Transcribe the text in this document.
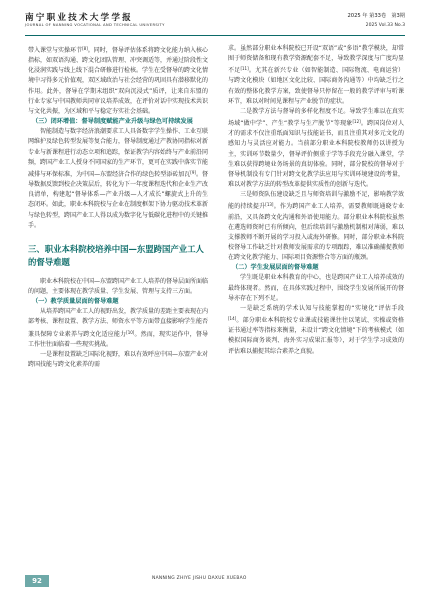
南宁职业技术大学学报
JOURNAL OF NANNING VOCATIONAL AND TECHNICAL UNIVERSITY
2025 年 第33卷　第3期
2025 Vol.33 No.3

带入课堂与实操环节[8]。同时，督导评估体系将跨文化能力纳入核心指标，如双语沟通、跨文化团队管理、冲突调适等，并通过阶段性文化浸润实践与线上线下混合研修进行检核。学生在受督导的跨文化情境中习得多元价值观，双区域政治与社会经营的巩固具有潜移默化的作用。此外，督导在学期末组织“双向沉浸式”质评，让来自东盟的行业专家与中国教师共同审议培养成效，在评价对话中实现技术共识与文化共振，为区域和平与稳定夯实社会基础。

（三）闭环增值：督导制度赋能产业升级与绿色可持续发展

智能制造与数字经济浪潮要求工人具备数字学生操作、工业互联网维护及绿色转型发展等复合能力，督导制度通过产教协同指标对新专业与新课程进行动态立项和追踪，保证教学内容始终与产业前沿同频，跨国产业工人授身不同国家的生产环节，更可在实践中落实节能减排与环保标准，为中国—东盟经济合作的绿色转型添砖加瓦[9]。督导数据反馈到校企决策层后，转化为下一年度课程迭代和企业生产改良清单，构建起“督导体系—产业升级—人才成长”螺旋式上升的生态闭环。如此，职业本科院校与企业在制度框架下协力驱动技术革新与绿色转型，跨国产业工人得以成为数字化与低碳化进程中的关键推手。

三、职业本科院校培养中国—东盟跨国产业工人的督导难题

职业本科院校在中国—东盟跨国产业工人培养的督导层面所面临的问题，主要体现在教学质量、学生发展、管理与支持三方面。

（一）教学质量层面的督导难题

从培养跨国产业工人的视野出发，教学质量的差距主要表现在内部考核、课程设置、教学方法、师资水平等方面带直接影响学生能否兼具保障专业素养与跨文化适应能力[10]。然而，现实运作中，督导工作往往面临着一些现实挑战。

一是课程设置缺乏国际化视野，难以有效呼应中国—东盟产业对跨国技能与跨文化素养的需

求。虽然部分职业本科院校已开设“双语”或“多语”教学模块，却常囿于师资储备和现有教学资源配套不足，导致教学深度与广度均显不足[11]。尤其在新兴专业（如智能制造、国际物流、电商运营）与跨文化模块（如地区文化比较、国际商务沟通等）中均缺乏行之有效的整体化教学方案，致使督导只停留在一般的教学评审与听课环节，难以对时间见课程与产业脱节的症状。

二是教学方法与督导的多样化程度不足。导致学生难以在真实场域“做中学”、产生“教学与生产脱节”等现象[12]。跨国岗位对人才的需求不仅注重纸面知识与技能证书，而且注重其对多元文化的感知力与灵活应对能力。当前部分职业本科院校教师仍以讲授为主，实训环节数量少，督导评价侧重于学等手段充分融入课堂，学生难以获得跨境业务场景的真切体验。同时，部分院校的督导对于督导机制没有专门针对跨文化教学法应用与实训环境建设的考量，难以对教学方法的转型改革提供实质性的创新与迭代。

三是师资队伍建设缺乏且与师资培训与激励不足，影响教学效能的持续提升[13]。作为跨国产业工人培养，需要教师既通晓专业前沿，又具备跨文化沟通和外语使用能力。部分职业本科院校虽然在遴选师资时已有所倾向，但后续培训与激励机制相对薄弱，难以支撑教师不断开展的学习投入或海外研修。同时，部分职业本科院校督导工作缺乏针对教师发展需求的专项跟踪，难以准确捕捉教师在跨文化教学能力、国际项目资源整合等方面的瓶颈。

（二）学生发展层面的督导难题

学生既是职业本科教育的中心，也是跨国产业工人培养成效的最终体现者。然而，在具体实践过程中，围绕学生发展所展开的督导亦存在下列不足。

一是缺乏系统的学术认知与技能掌握的“实境化”评估手段[14]。部分职业本科院校专业课或技能课往往以笔试、实操或资格证书通过率等指标来衡量，未设计“跨文化情境”下的考核模式（如模拟国际商务谈判、海外实习成果汇报等），对于学生学习成效的评估难以捕捉其综合素养之真貌。

92	NANNING ZHIYE JISHU DAXUE XUEBAO
